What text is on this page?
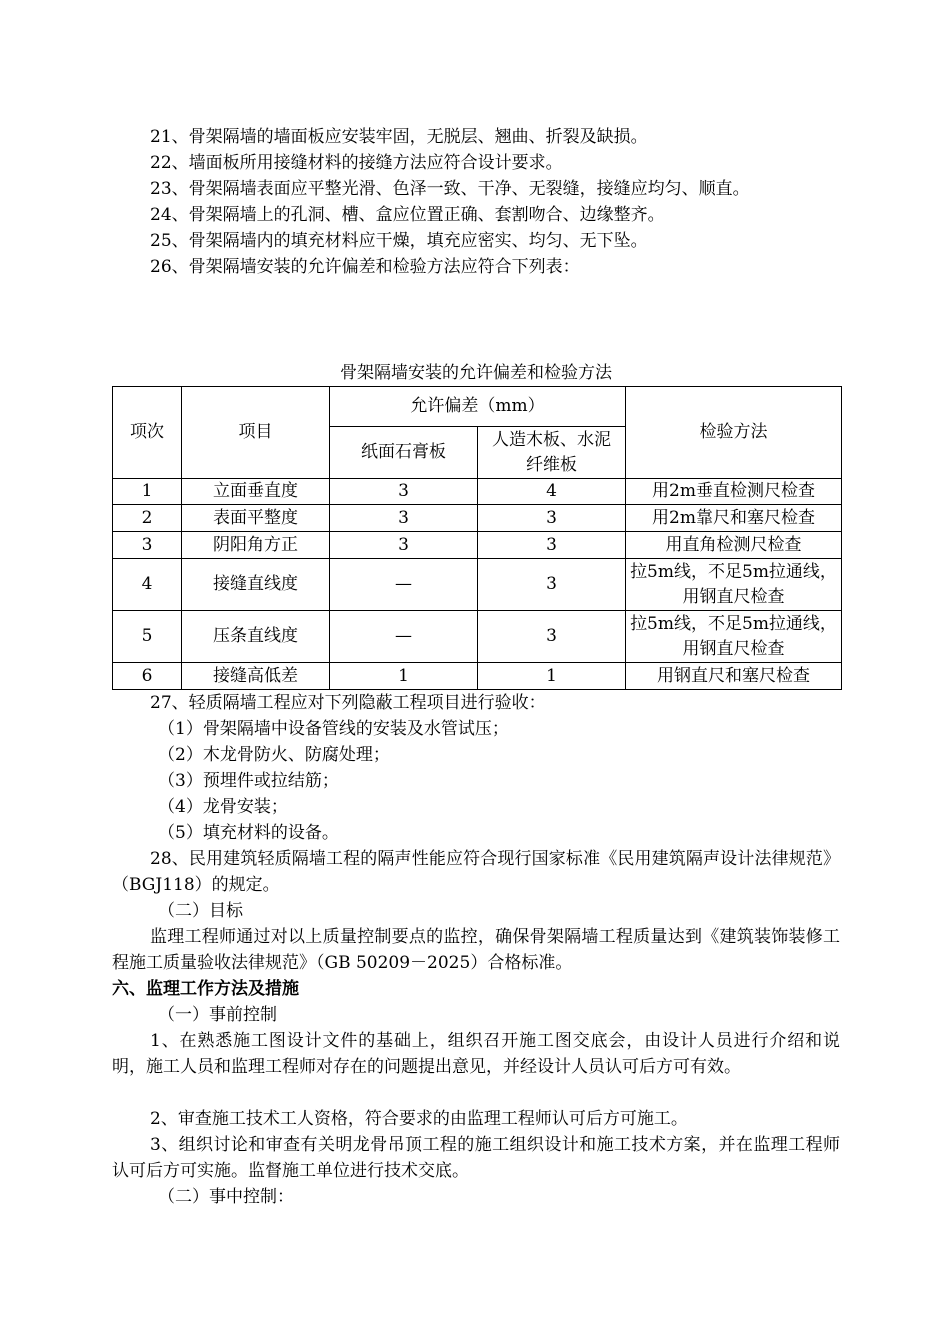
21、骨架隔墙的墙面板应安装牢固，无脱层、翘曲、折裂及缺损。
22、墙面板所用接缝材料的接缝方法应符合设计要求。
23、骨架隔墙表面应平整光滑、色泽一致、干净、无裂缝，接缝应均匀、顺直。
24、骨架隔墙上的孔洞、槽、盒应位置正确、套割吻合、边缘整齐。
25、骨架隔墙内的填充材料应干燥，填充应密实、均匀、无下坠。
26、骨架隔墙安装的允许偏差和检验方法应符合下列表：
骨架隔墙安装的允许偏差和检验方法
项次	项目	允许偏差（mm）		检验方法
		纸面石膏板	人造木板、水泥纤维板	
1	立面垂直度	3	4	用2m垂直检测尺检查
2	表面平整度	3	3	用2m靠尺和塞尺检查
3	阴阳角方正	3	3	用直角检测尺检查
4	接缝直线度	—	3	拉5m线，不足5m拉通线，用钢直尺检查
5	压条直线度	—	3	拉5m线，不足5m拉通线，用钢直尺检查
6	接缝高低差	1	1	用钢直尺和塞尺检查
27、轻质隔墙工程应对下列隐蔽工程项目进行验收：
（1）骨架隔墙中设备管线的安装及水管试压；
（2）木龙骨防火、防腐处理；
（3）预埋件或拉结筋；
（4）龙骨安装；
（5）填充材料的设备。
28、民用建筑轻质隔墙工程的隔声性能应符合现行国家标准《民用建筑隔声设计法律规范》（BGJ118）的规定。
（二）目标
监理工程师通过对以上质量控制要点的监控，确保骨架隔墙工程质量达到《建筑装饰装修工程施工质量验收法律规范》（GB 50209－2025）合格标准。
六、监理工作方法及措施
（一）事前控制
1、在熟悉施工图设计文件的基础上，组织召开施工图交底会，由设计人员进行介绍和说明，施工人员和监理工程师对存在的问题提出意见，并经设计人员认可后方可有效。
2、审查施工技术工人资格，符合要求的由监理工程师认可后方可施工。
3、组织讨论和审查有关明龙骨吊顶工程的施工组织设计和施工技术方案，并在监理工程师认可后方可实施。监督施工单位进行技术交底。
（二）事中控制：
